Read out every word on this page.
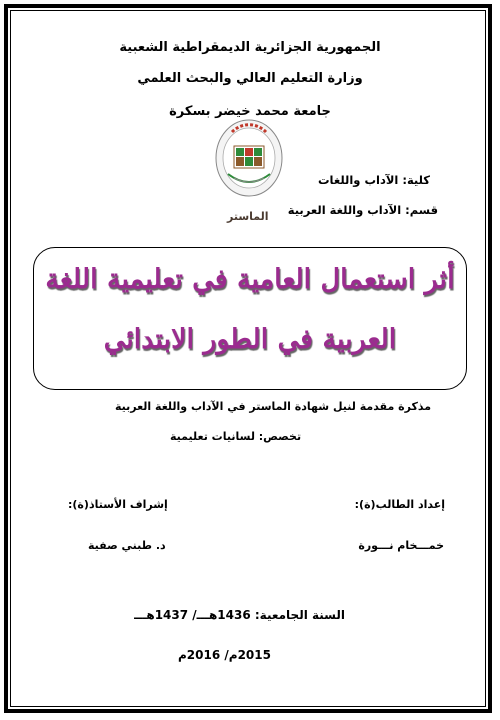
الجمهورية الجزائرية الديمقراطية الشعبية
وزارة التعليم العالي والبحث العلمي
جامعة محمد خيضر بسكرة
كلية: الآداب واللغات
قسم: الآداب واللغة العربية
الماستر
أثر استعمال العامية في تعليمية اللغة
العربية في الطور الابتدائي
مذكرة مقدمة لنيل شهادة الماستر في الآداب واللغة العربية
تخصص: لسانيات تعليمية
إعداد الطالب(ة):
إشراف الأستاذ(ة):
خمـــخام نـــورة
د. طبني صفية
السنة الجامعية: 1436هـــ/ 1437هـــ
2015م/ 2016م
